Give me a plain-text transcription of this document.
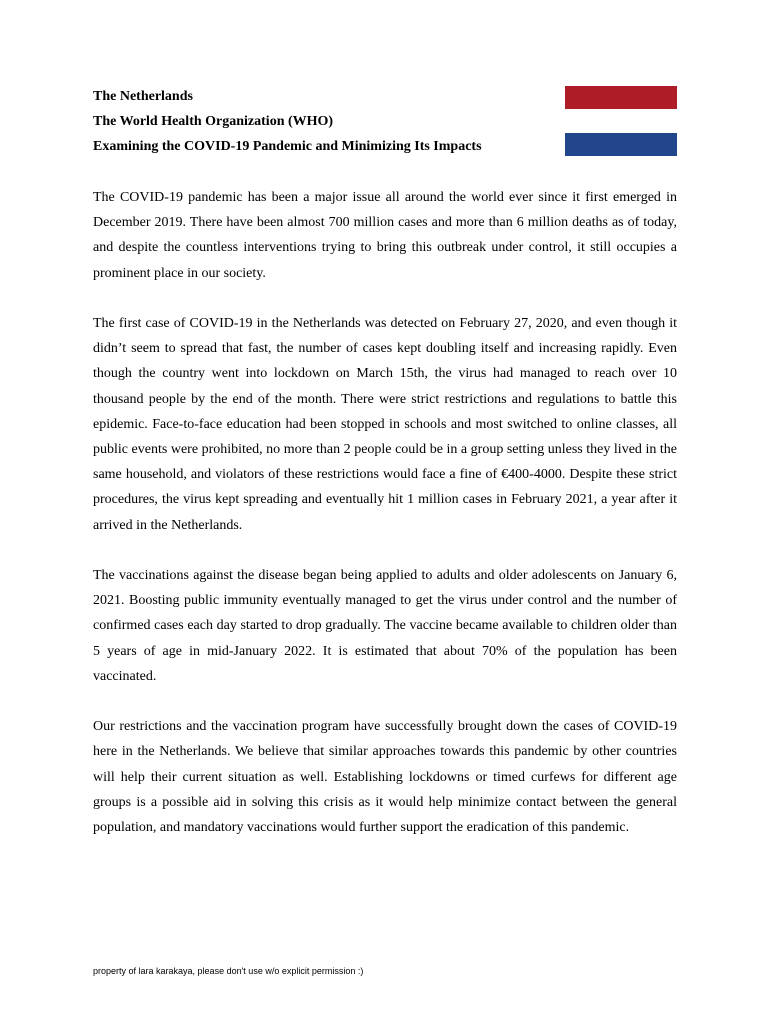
The Netherlands
The World Health Organization (WHO)
Examining the COVID-19 Pandemic and Minimizing Its Impacts

The COVID-19 pandemic has been a major issue all around the world ever since it first emerged in December 2019. There have been almost 700 million cases and more than 6 million deaths as of today, and despite the countless interventions trying to bring this outbreak under control, it still occupies a prominent place in our society.

The first case of COVID-19 in the Netherlands was detected on February 27, 2020, and even though it didn’t seem to spread that fast, the number of cases kept doubling itself and increasing rapidly. Even though the country went into lockdown on March 15th, the virus had managed to reach over 10 thousand people by the end of the month. There were strict restrictions and regulations to battle this epidemic. Face-to-face education had been stopped in schools and most switched to online classes, all public events were prohibited, no more than 2 people could be in a group setting unless they lived in the same household, and violators of these restrictions would face a fine of €400-4000. Despite these strict procedures, the virus kept spreading and eventually hit 1 million cases in February 2021, a year after it arrived in the Netherlands.

The vaccinations against the disease began being applied to adults and older adolescents on January 6, 2021. Boosting public immunity eventually managed to get the virus under control and the number of confirmed cases each day started to drop gradually. The vaccine became available to children older than 5 years of age in mid-January 2022. It is estimated that about 70% of the population has been vaccinated.

Our restrictions and the vaccination program have successfully brought down the cases of COVID-19 here in the Netherlands. We believe that similar approaches towards this pandemic by other countries will help their current situation as well. Establishing lockdowns or timed curfews for different age groups is a possible aid in solving this crisis as it would help minimize contact between the general population, and mandatory vaccinations would further support the eradication of this pandemic.

property of lara karakaya, please don't use w/o explicit permission :)
